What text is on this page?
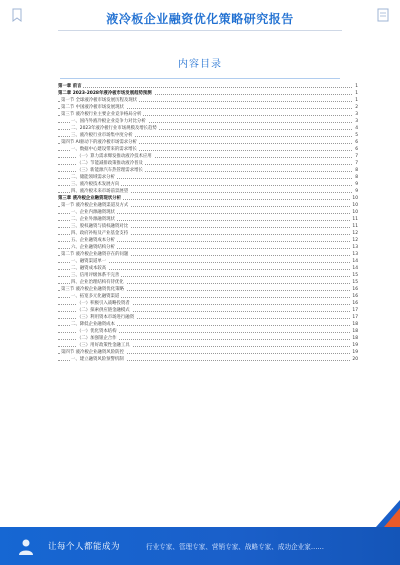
液冷板企业融资优化策略研究报告
内容目录
第一章 前言	1
第二章 2023-2028年液冷板市场发展趋势预测	1
第一节 全球液冷板市场发展历程及现状	1
第二节 中国液冷板市场发展现状	2
第三节 液冷板行业主要企业竞争格局分析	3
一、国内外液冷板企业竞争力对比分析	3
二、2023年液冷板行业市场规模及增长趋势	4
三、液冷板行业市场集中度分析	5
第四节 AI驱动下的液冷板市场需求分析	6
一、数据中心建设带来的需求增长	6
（一）算力需求爆发推动液冷技术应用	7
（二）节能减排政策推动液冷普及	7
（三）新能源汽车热管理需求增长	8
二、储能领域需求分析	8
三、液冷板技术发展方向	9
四、液冷板未来市场前景展望	9
第三章 液冷板企业融资现状分析	10
第一节 液冷板企业融资渠道及方式	10
一、企业内源融资现状	10
二、企业外源融资现状	11
三、股权融资与债权融资对比	11
四、政府补贴及产业基金支持	12
五、企业融资成本分析	12
六、企业融资结构分析	13
第二节 液冷板企业融资存在的问题	13
一、融资渠道单一	14
二、融资成本较高	14
三、信用评级体系不完善	15
四、企业治理结构有待优化	15
第三节 液冷板企业融资优化策略	16
一、拓宽多元化融资渠道	16
（一）积极引入战略投资者	16
（二）探索供应链金融模式	17
（三）利用资本市场进行融资	17
二、降低企业融资成本	18
（一）优化资本结构	18
（二）加强银企合作	18
（三）用好政策性金融工具	19
第四节 液冷板企业融资风险防控	19
一、建立融资风险预警机制	20
让每个人都能成为	行业专家、管理专家、营销专家、战略专家、成功企业家……
